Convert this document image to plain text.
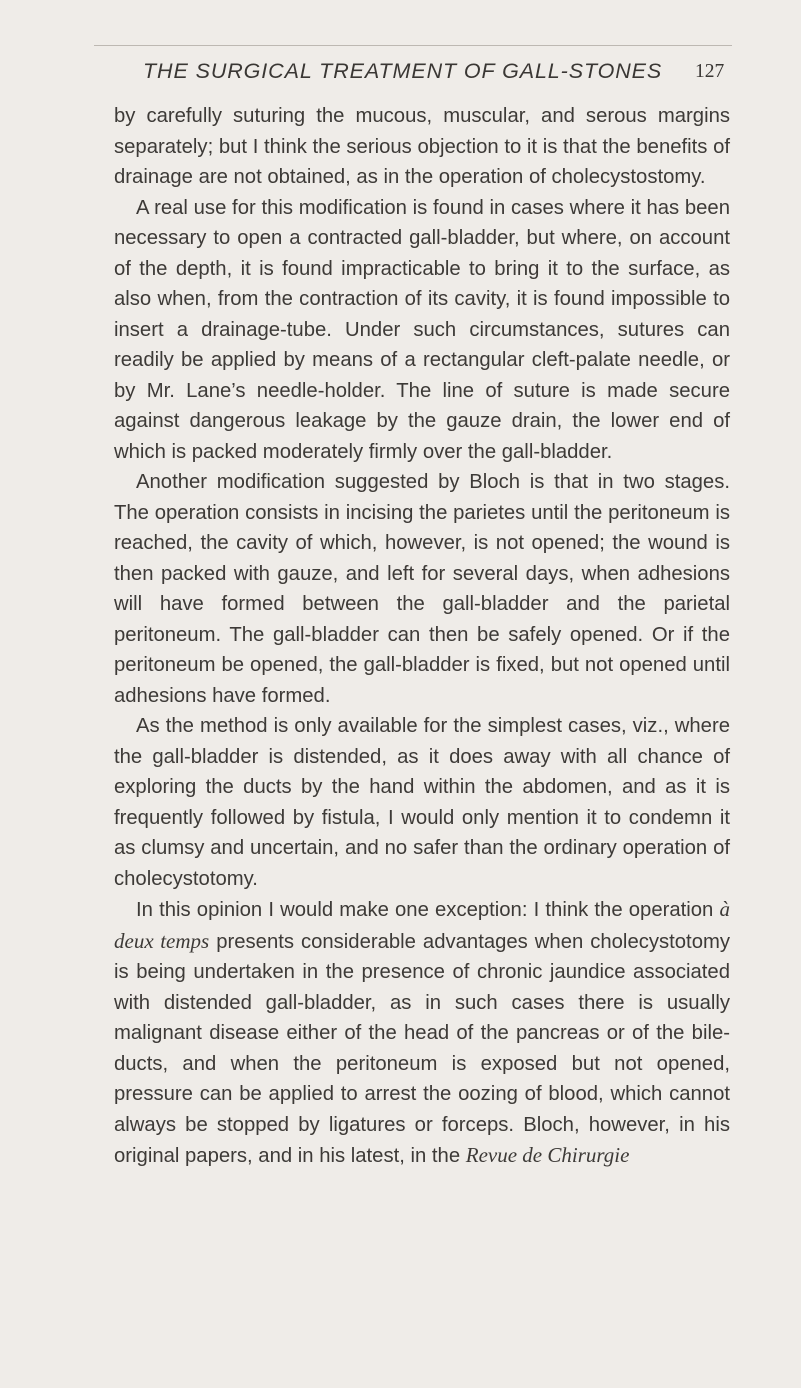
THE SURGICAL TREATMENT OF GALL-STONES 127

by carefully suturing the mucous, muscular, and serous margins separately; but I think the serious objection to it is that the benefits of drainage are not obtained, as in the operation of cholecystostomy.

A real use for this modification is found in cases where it has been necessary to open a contracted gall-bladder, but where, on account of the depth, it is found impracticable to bring it to the surface, as also when, from the contraction of its cavity, it is found impossible to insert a drainage-tube. Under such circumstances, sutures can readily be applied by means of a rectangular cleft-palate needle, or by Mr. Lane’s needle-holder. The line of suture is made secure against dangerous leakage by the gauze drain, the lower end of which is packed moderately firmly over the gall-bladder.

Another modification suggested by Bloch is that in two stages. The operation consists in incising the parietes until the peritoneum is reached, the cavity of which, however, is not opened; the wound is then packed with gauze, and left for several days, when adhesions will have formed between the gall-bladder and the parietal peritoneum. The gall-bladder can then be safely opened. Or if the peritoneum be opened, the gall-bladder is fixed, but not opened until adhesions have formed.

As the method is only available for the simplest cases, viz., where the gall-bladder is distended, as it does away with all chance of exploring the ducts by the hand within the abdomen, and as it is frequently followed by fistula, I would only mention it to condemn it as clumsy and uncertain, and no safer than the ordinary operation of cholecystotomy.

In this opinion I would make one exception: I think the operation à deux temps presents considerable advantages when cholecystotomy is being undertaken in the presence of chronic jaundice associated with distended gall-bladder, as in such cases there is usually malignant disease either of the head of the pancreas or of the bile-ducts, and when the peritoneum is exposed but not opened, pressure can be applied to arrest the oozing of blood, which cannot always be stopped by ligatures or forceps. Bloch, however, in his original papers, and in his latest, in the Revue de Chirurgie
